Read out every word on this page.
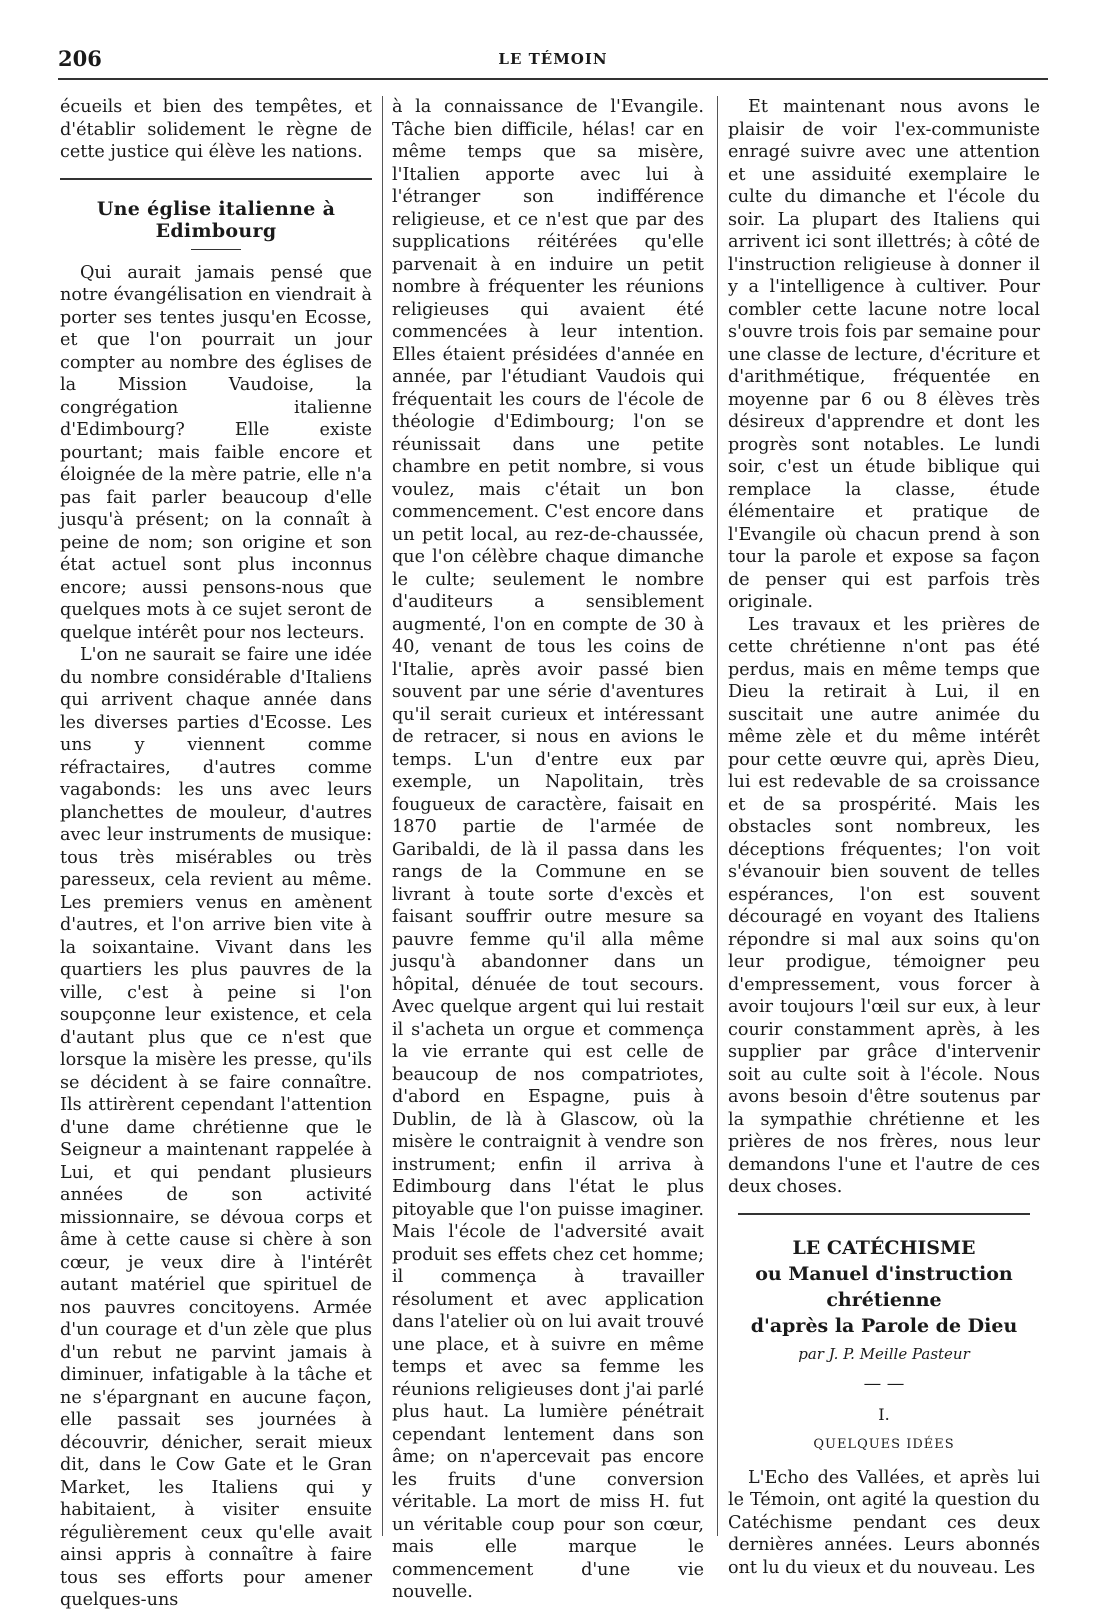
206	LE TÉMOIN

écueils et bien des tempêtes, et d'établir solidement le règne de cette justice qui élève les nations.

Une église italienne à Edimbourg

Qui aurait jamais pensé que notre évangélisation en viendrait à porter ses tentes jusqu'en Ecosse, et que l'on pourrait un jour compter au nombre des églises de la Mission Vaudoise, la congrégation italienne d'Edimbourg? Elle existe pourtant; mais faible encore et éloignée de la mère patrie, elle n'a pas fait parler beaucoup d'elle jusqu'à présent; on la connaît à peine de nom; son origine et son état actuel sont plus inconnus encore; aussi pensons-nous que quelques mots à ce sujet seront de quelque intérêt pour nos lecteurs.

L'on ne saurait se faire une idée du nombre considérable d'Italiens qui arrivent chaque année dans les diverses parties d'Ecosse. Les uns y viennent comme réfractaires, d'autres comme vagabonds: les uns avec leurs planchettes de mouleur, d'autres avec leur instruments de musique: tous très misérables ou très paresseux, cela revient au même. Les premiers venus en amènent d'autres, et l'on arrive bien vite à la soixantaine. Vivant dans les quartiers les plus pauvres de la ville, c'est à peine si l'on soupçonne leur existence, et cela d'autant plus que ce n'est que lorsque la misère les presse, qu'ils se décident à se faire connaître. Ils attirèrent cependant l'attention d'une dame chrétienne que le Seigneur a maintenant rappelée à Lui, et qui pendant plusieurs années de son activité missionnaire, se dévoua corps et âme à cette cause si chère à son cœur, je veux dire à l'intérêt autant matériel que spirituel de nos pauvres concitoyens. Armée d'un courage et d'un zèle que plus d'un rebut ne parvint jamais à diminuer, infatigable à la tâche et ne s'épargnant en aucune façon, elle passait ses journées à découvrir, dénicher, serait mieux dit, dans le Cow Gate et le Gran Market, les Italiens qui y habitaient, à visiter ensuite régulièrement ceux qu'elle avait ainsi appris à connaître à faire tous ses efforts pour amener quelques-uns

à la connaissance de l'Evangile. Tâche bien difficile, hélas! car en même temps que sa misère, l'Italien apporte avec lui à l'étranger son indifférence religieuse, et ce n'est que par des supplications réitérées qu'elle parvenait à en induire un petit nombre à fréquenter les réunions religieuses qui avaient été commencées à leur intention. Elles étaient présidées d'année en année, par l'étudiant Vaudois qui fréquentait les cours de l'école de théologie d'Edimbourg; l'on se réunissait dans une petite chambre en petit nombre, si vous voulez, mais c'était un bon commencement. C'est encore dans un petit local, au rez-de-chaussée, que l'on célèbre chaque dimanche le culte; seulement le nombre d'auditeurs a sensiblement augmenté, l'on en compte de 30 à 40, venant de tous les coins de l'Italie, après avoir passé bien souvent par une série d'aventures qu'il serait curieux et intéressant de retracer, si nous en avions le temps. L'un d'entre eux par exemple, un Napolitain, très fougueux de caractère, faisait en 1870 partie de l'armée de Garibaldi, de là il passa dans les rangs de la Commune en se livrant à toute sorte d'excès et faisant souffrir outre mesure sa pauvre femme qu'il alla même jusqu'à abandonner dans un hôpital, dénuée de tout secours. Avec quelque argent qui lui restait il s'acheta un orgue et commença la vie errante qui est celle de beaucoup de nos compatriotes, d'abord en Espagne, puis à Dublin, de là à Glascow, où la misère le contraignit à vendre son instrument; enfin il arriva à Edimbourg dans l'état le plus pitoyable que l'on puisse imaginer. Mais l'école de l'adversité avait produit ses effets chez cet homme; il commença à travailler résolument et avec application dans l'atelier où on lui avait trouvé une place, et à suivre en même temps et avec sa femme les réunions religieuses dont j'ai parlé plus haut. La lumière pénétrait cependant lentement dans son âme; on n'apercevait pas encore les fruits d'une conversion véritable. La mort de miss H. fut un véritable coup pour son cœur, mais elle marque le commencement d'une vie nouvelle.

Et maintenant nous avons le plaisir de voir l'ex-communiste enragé suivre avec une attention et une assiduité exemplaire le culte du dimanche et l'école du soir. La plupart des Italiens qui arrivent ici sont illettrés; à côté de l'instruction religieuse à donner il y a l'intelligence à cultiver. Pour combler cette lacune notre local s'ouvre trois fois par semaine pour une classe de lecture, d'écriture et d'arithmétique, fréquentée en moyenne par 6 ou 8 élèves très désireux d'apprendre et dont les progrès sont notables. Le lundi soir, c'est un étude biblique qui remplace la classe, étude élémentaire et pratique de l'Evangile où chacun prend à son tour la parole et expose sa façon de penser qui est parfois très originale.

Les travaux et les prières de cette chrétienne n'ont pas été perdus, mais en même temps que Dieu la retirait à Lui, il en suscitait une autre animée du même zèle et du même intérêt pour cette œuvre qui, après Dieu, lui est redevable de sa croissance et de sa prospérité. Mais les obstacles sont nombreux, les déceptions fréquentes; l'on voit s'évanouir bien souvent de telles espérances, l'on est souvent découragé en voyant des Italiens répondre si mal aux soins qu'on leur prodigue, témoigner peu d'empressement, vous forcer à avoir toujours l'œil sur eux, à leur courir constamment après, à les supplier par grâce d'intervenir soit au culte soit à l'école. Nous avons besoin d'être soutenus par la sympathie chrétienne et les prières de nos frères, nous leur demandons l'une et l'autre de ces deux choses.

LE CATÉCHISME
ou Manuel d'instruction chrétienne
d'après la Parole de Dieu
par J. P. Meille Pasteur
— —
I.
QUELQUES IDÉES

L'Echo des Vallées, et après lui le Témoin, ont agité la question du Catéchisme pendant ces deux dernières années. Leurs abonnés ont lu du vieux et du nouveau. Les
